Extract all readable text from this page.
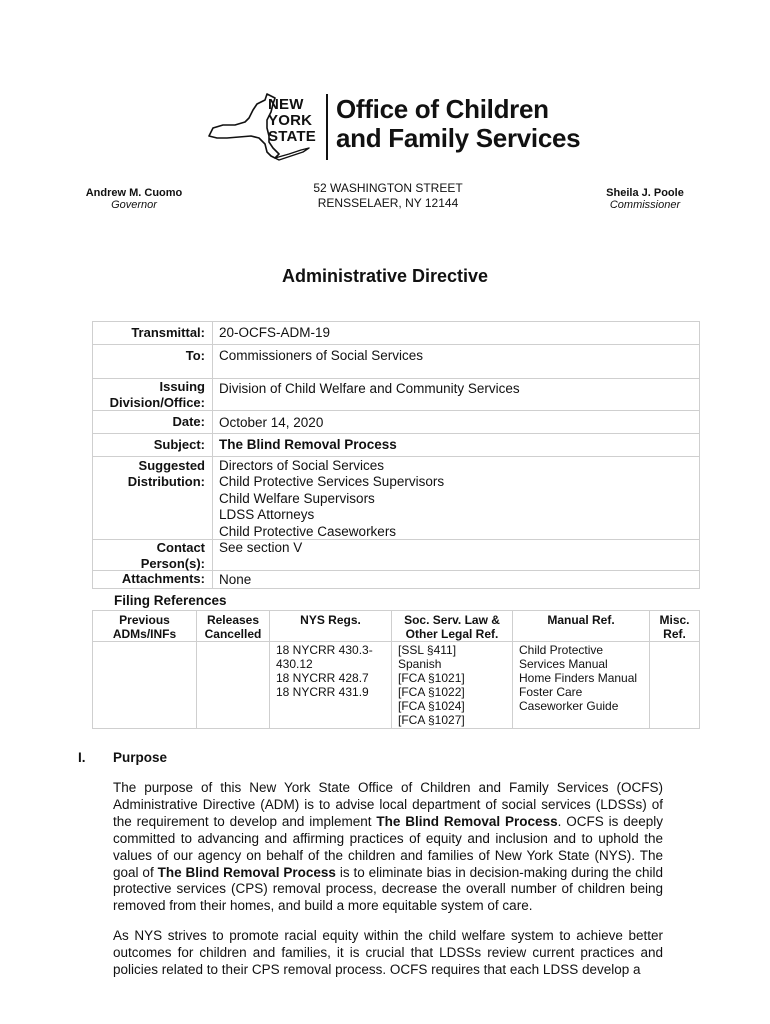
NEW
YORK
STATE
Office of Children
and Family Services
Andrew M. Cuomo
Governor
52 WASHINGTON STREET
RENSSELAER, NY 12144
Sheila J. Poole
Commissioner
Administrative Directive
Transmittal: 20-OCFS-ADM-19
To: Commissioners of Social Services
Issuing
Division/Office:
Division of Child Welfare and Community Services
Date: October 14, 2020
Subject: The Blind Removal Process
Suggested
Distribution:
Directors of Social Services
Child Protective Services Supervisors
Child Welfare Supervisors
LDSS Attorneys
Child Protective Caseworkers
Contact
Person(s):
See section V
Attachments: None
Filing References
Previous
ADMs/INFs
Releases
Cancelled
NYS Regs.
18 NYCRR 430.3-
430.12
18 NYCRR 428.7
18 NYCRR 431.9
Soc. Serv. Law &
Other Legal Ref.
[SSL §411]
Spanish
[FCA §1021]
[FCA §1022]
[FCA §1024]
[FCA §1027]
Manual Ref.
Child Protective
Services Manual
Home Finders Manual
Foster Care
Caseworker Guide
Misc.
Ref.
I. Purpose
The purpose of this New York State Office of Children and Family Services (OCFS) Administrative Directive (ADM) is to advise local department of social services (LDSSs) of the requirement to develop and implement The Blind Removal Process. OCFS is deeply committed to advancing and affirming practices of equity and inclusion and to uphold the values of our agency on behalf of the children and families of New York State (NYS). The goal of The Blind Removal Process is to eliminate bias in decision-making during the child protective services (CPS) removal process, decrease the overall number of children being removed from their homes, and build a more equitable system of care.
As NYS strives to promote racial equity within the child welfare system to achieve better outcomes for children and families, it is crucial that LDSSs review current practices and policies related to their CPS removal process. OCFS requires that each LDSS develop a
